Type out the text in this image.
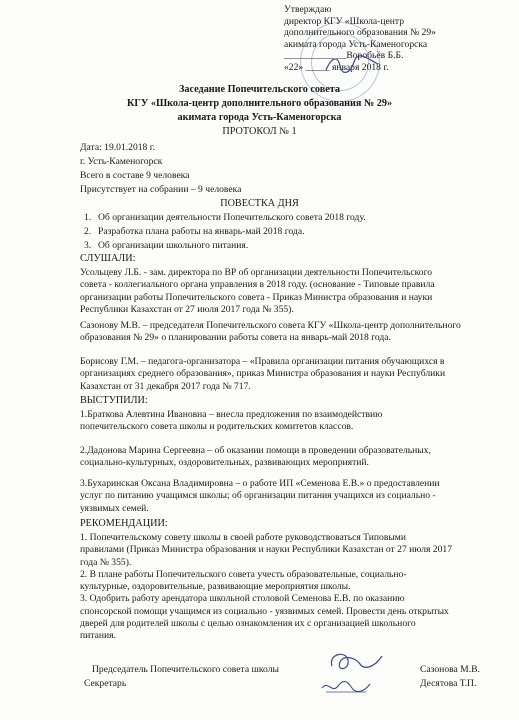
Утверждаю
директор КГУ «Школа-центр
дополнительного образования № 29»
акимата города Усть-Каменогорска
_____________Воробьёв Б.Б.
«22» _____ января 2018 г.
Заседание Попечительского совета
КГУ «Школа-центр дополнительного образования № 29»
акимата города Усть-Каменогорска
ПРОТОКОЛ № 1
Дата: 19.01.2018 г.
г. Усть-Каменогорск
Всего в составе 9 человека
Присутствует на собрании – 9 человека
ПОВЕСТКА ДНЯ
1. Об организации деятельности Попечительского совета 2018 году.
2. Разработка плана работы на январь-май 2018 года.
3. Об организации школьного питания.
СЛУШАЛИ:
Усольцеву Л.Б. - зам. директора по ВР об организации деятельности Попечительского
совета - коллегиального органа управления в 2018 году. (основание - Типовые правила
организации работы Попечительского совета - Приказ Министра образования и науки
Республики Казахстан от 27 июля 2017 года № 355).
Сазонову М.В. – председателя Попечительского совета КГУ «Школа-центр дополнительного
образования № 29» о планировании работы совета на январь-май 2018 года.
Борисову Г.М. – педагога-организатора – «Правила организации питания обучающихся в
организациях среднего образования», приказ Министра образования и науки Республики
Казахстан от 31 декабря 2017 года № 717.
ВЫСТУПИЛИ:
1.Браткова Алевтина Ивановна – внесла предложения по взаимодействию
попечительского совета школы и родительских комитетов классов.
2.Дадонова Марина Сергеевна – об оказании помощи в проведении образовательных,
социально-культурных, оздоровительных, развивающих мероприятий.
3.Бухаринская Оксана Владимировна – о работе ИП «Семенова Е.В.» о предоставлении
услуг по питанию учащимся школы; об организации питания учащихся из социально -
уязвимых семей.
РЕКОМЕНДАЦИИ:
1. Попечительскому совету школы в своей работе руководствоваться Типовыми
правилами (Приказ Министра образования и науки Республики Казахстан от 27 июля 2017
года № 355).
2. В плане работы Попечительского совета учесть образовательные, социально-
культурные, оздоровительные, развивающие мероприятия школы.
3. Одобрить работу арендатора школьной столовой Семенова Е.В. по оказанию
спонсорской помощи учащимся из социально - уязвимых семей. Провести день открытых
дверей для родителей школы с целью ознакомления их с организацией школьного
питания.
Председатель Попечительского совета школы
Секретарь
Сазонова М.В.
Десятова Т.П.
